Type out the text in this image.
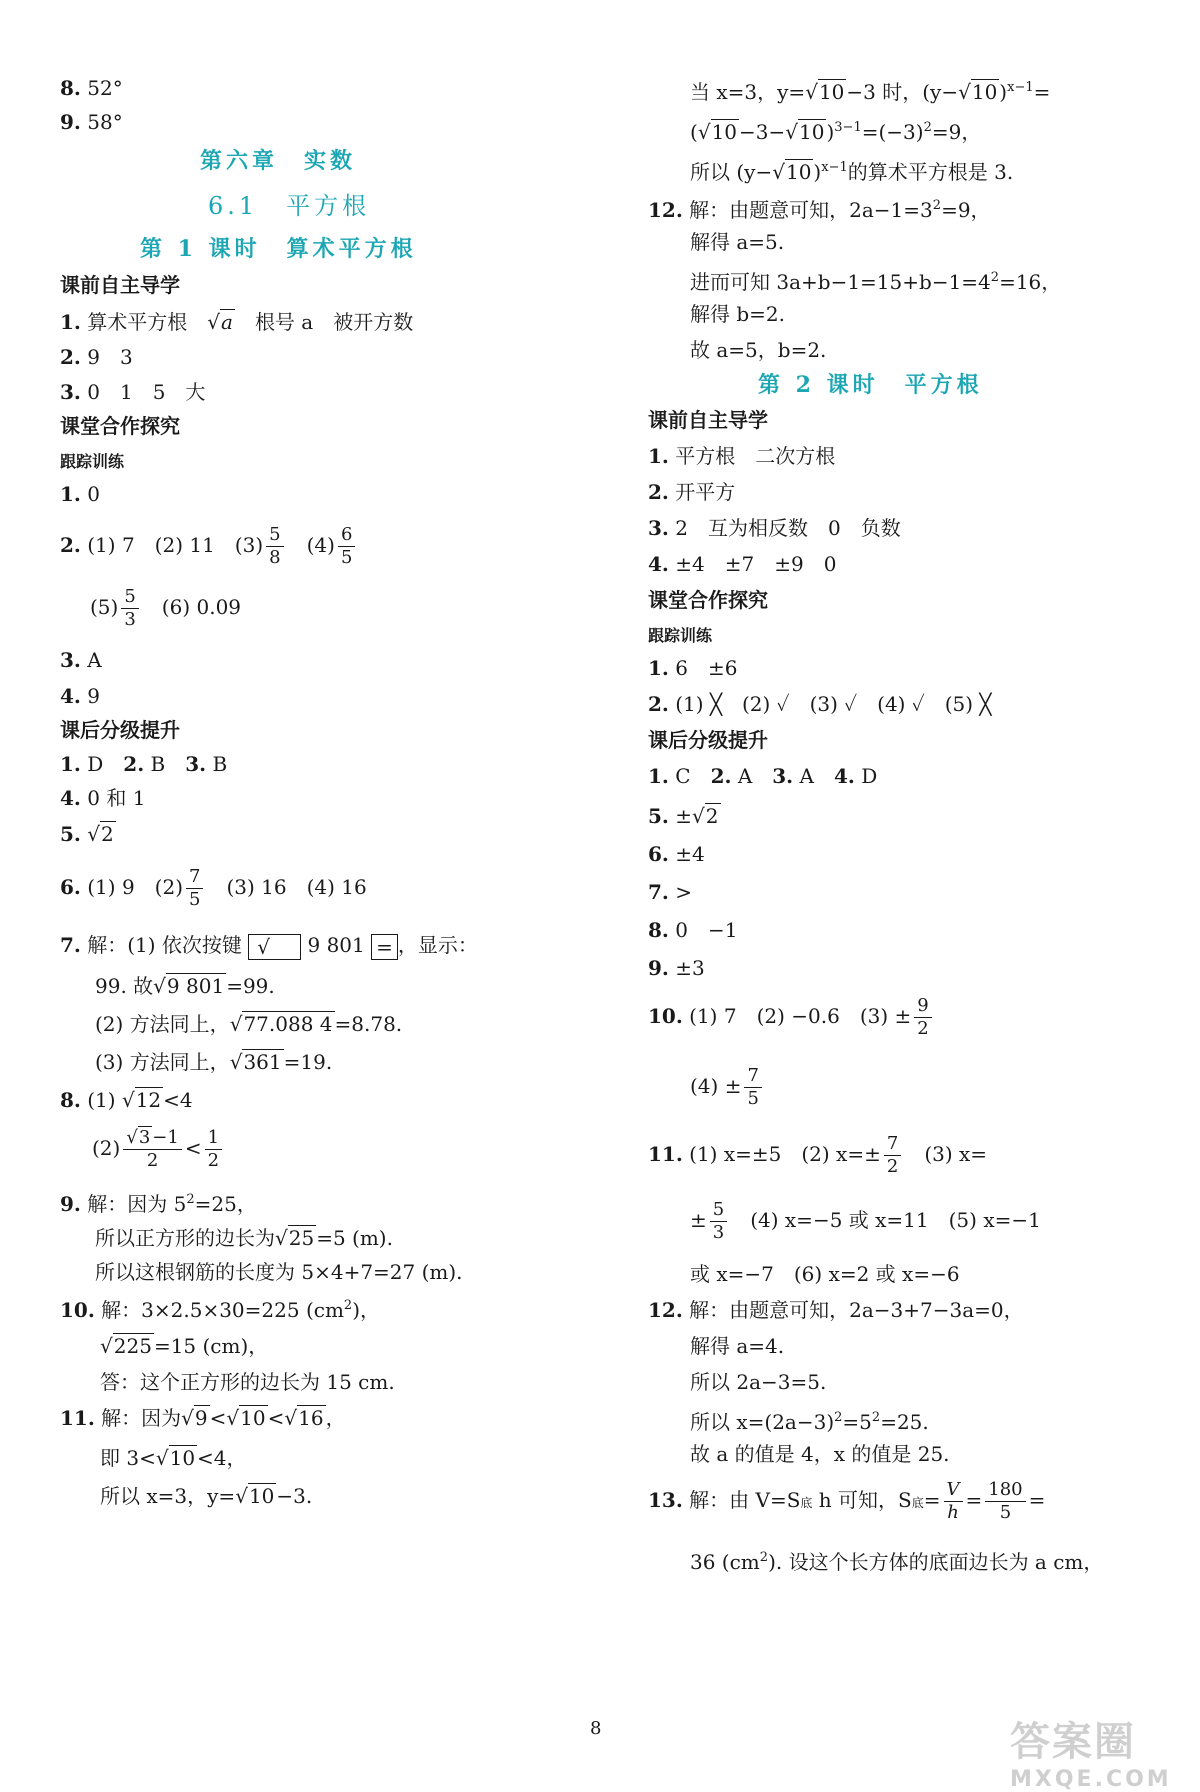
8. 52°
9. 58°
第六章　实数
6.1　平方根
第 1 课时　算术平方根
课前自主导学
1. 算术平方根　√a　 根号 a　被开方数
2. 9　3
3. 0　1　5　大
课堂合作探究
跟踪训练
1. 0
2. (1) 7　(2) 11　$(3) \frac{5}{8}$
　 $(4) \frac{6}{5}$
$(5) \frac{5}{3}$
　 (6) 0.09
3. A
4. 9
课后分级提升
1. D　 2. B　 3. B
4. 0 和 1
5. √2
6. (1) 9　$(2) \frac{7}{5}$
　 (3) 16　(4) 16
7. 解：(1) 依次按键 √ 9 801 = ，显示：
99. 故√9 801 =99.
(2) 方法同上，√77.088 4 =8.78.
(3) 方法同上，√361 =19.
8. (1) √12 <4
$(2) \frac{√3 -1}{2} < \frac{1}{2}$
9. 解：因为 $5^2=25$，
所以正方形的边长为√25 =5 (m).
所以这根钢筋的长度为 5×4+7=27 (m).
10. 解：3×2.5×30=225 $(cm^2)$，
√225 =15 (cm)，
答：这个正方形的边长为 15 cm.
11. 解：因为√9 <√10 <√16 ，
即 3<√10 <4，
所以 x=3，y=√10 −3.
当 x=3，y=√10 −3 时，(y−√10 )$^{x-1}$=
(√10 −3−√10 )$^{3-1}=(-3)^2=9$，
所以 (y−√10 )$^{x-1}$的算术平方根是 3.
12. 解：由题意可知，$2a-1=3^2=9$，
解得 a=5.
进而可知 $3a+b-1=15+b-1=4^2=16$，
解得 b=2.
故 a=5，b=2.
第 2 课时　平方根
课前自主导学
1. 平方根　二次方根
2. 开平方
3. 2　互为相反数　0　负数
4. ±4　±7　±9　0
课堂合作探究
跟踪训练
1. 6　±6
2. (1) ╳　(2) ✓　(3) ✓　(4) ✓　(5) ╳
课后分级提升
1. C　 2. A　 3. A　 4. D
5. ±√2
6. ±4
7. >
8. 0　−1
9. ±3
10. (1) 7　(2) −0.6　$(3) \pm \frac{9}{2}$
$(4) \pm \frac{7}{5}$
11. (1) x=±5　(2) $x=\pm \frac{7}{2}$
　 (3) x=
± $\frac{5}{3}$
　 (4) x=−5 或 x=11　(5) x=−1
或 x=−7　(6) x=2 或 x=−6
12. 解：由题意可知，2a−3+7−3a=0，
解得 a=4.
所以 2a−3=5.
所以 $x=(2a-3)^2=5^2=25$.
故 a 的值是 4，x 的值是 25.
13. 解：由 V=S底 h 可知，S底= $\frac{V}{h} = \frac{180}{5}$ =
36 $(cm^2)$. 设这个长方体的底面边长为 a cm，
8	答案圈
MXQE.COM
